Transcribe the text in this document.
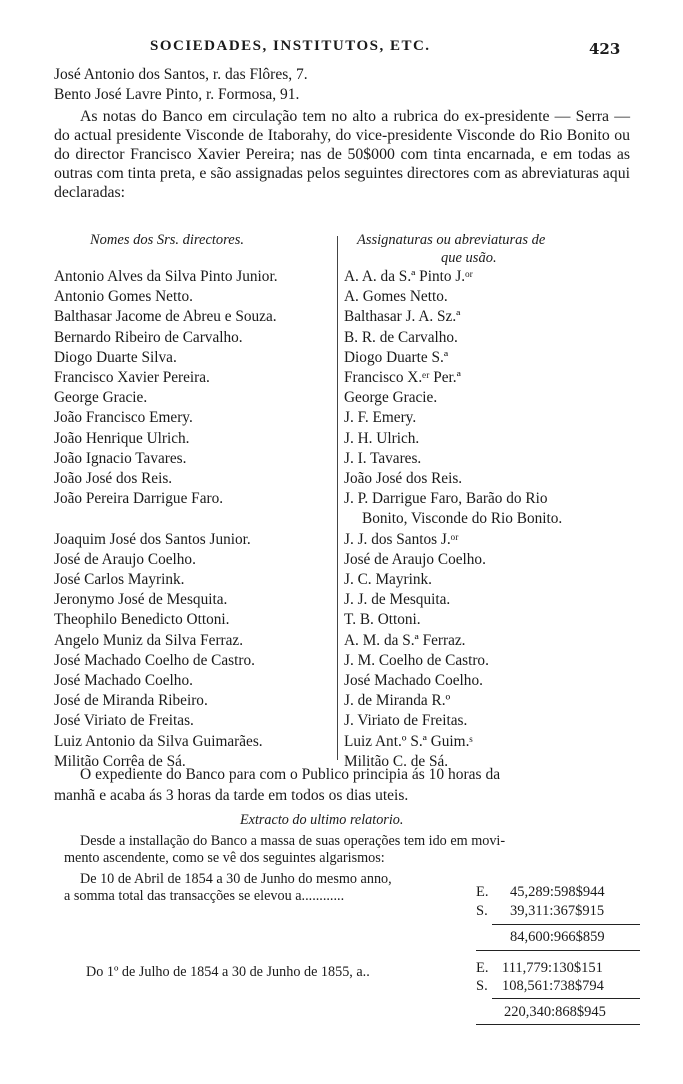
SOCIEDADES, INSTITUTOS, ETC.	423
José Antonio dos Santos, r. das Flôres, 7.
Bento José Lavre Pinto, r. Formosa, 91.
As notas do Banco em circulação tem no alto a rubrica do ex-presidente — Serra — do actual presidente Visconde de Itaborahy, do vice-presidente Visconde do Rio Bonito ou do director Francisco Xavier Pereira; nas de 50$000 com tinta encarnada, e em todas as outras com tinta preta, e são assignadas pelos seguintes directores com as abreviaturas aqui declaradas:
Nomes dos Srs. directores.	Assignaturas ou abreviaturas de
que usão.
Antonio Alves da Silva Pinto Junior.	A. A. da S.ª Pinto J.ᵒʳ
Antonio Gomes Netto.	A. Gomes Netto.
Balthasar Jacome de Abreu e Souza.	Balthasar J. A. Sz.ª
Bernardo Ribeiro de Carvalho.	B. R. de Carvalho.
Diogo Duarte Silva.	Diogo Duarte S.ª
Francisco Xavier Pereira.	Francisco X.ᵉʳ Per.ª
George Gracie.	George Gracie.
João Francisco Emery.	J. F. Emery.
João Henrique Ulrich.	J. H. Ulrich.
João Ignacio Tavares.	J. I. Tavares.
João José dos Reis.	João José dos Reis.
João Pereira Darrigue Faro.	J. P. Darrigue Faro, Barão do Rio
Bonito, Visconde do Rio Bonito.
Joaquim José dos Santos Junior.	J. J. dos Santos J.ᵒʳ
José de Araujo Coelho.	José de Araujo Coelho.
José Carlos Mayrink.	J. C. Mayrink.
Jeronymo José de Mesquita.	J. J. de Mesquita.
Theophilo Benedicto Ottoni.	T. B. Ottoni.
Angelo Muniz da Silva Ferraz.	A. M. da S.ª Ferraz.
José Machado Coelho de Castro.	J. M. Coelho de Castro.
José Machado Coelho.	José Machado Coelho.
José de Miranda Ribeiro.	J. de Miranda R.º
José Viriato de Freitas.	J. Viriato de Freitas.
Luiz Antonio da Silva Guimarães.	Luiz Ant.º S.ª Guim.ˢ
Militão Corrêa de Sá.	Militão C. de Sá.
O expediente do Banco para com o Publico principia ás 10 horas da
manhã e acaba ás 3 horas da tarde em todos os dias uteis.
Extracto do ultimo relatorio.
Desde a installação do Banco a massa de suas operações tem ido em movi-
mento ascendente, como se vê dos seguintes algarismos:
De 10 de Abril de 1854 a 30 de Junho do mesmo anno,
a somma total das transacções se elevou a............	E. 45,289:598$944
S. 39,311:367$915
84,600:966$859
Do 1º de Julho de 1854 a 30 de Junho de 1855, a..	E. 111,779:130$151
S. 108,561:738$794
220,340:868$945
